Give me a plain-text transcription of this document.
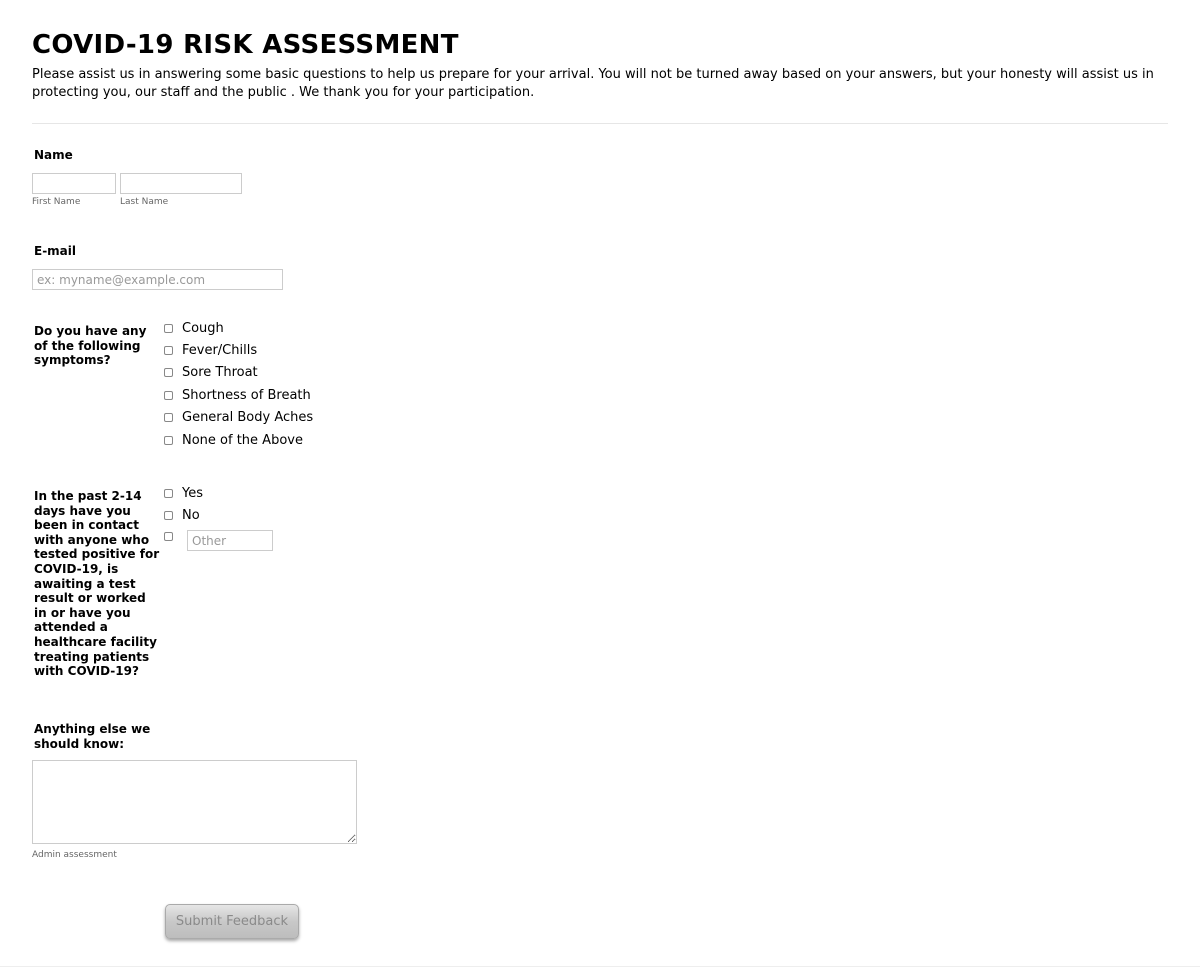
COVID-19 RISK ASSESSMENT
Please assist us in answering some basic questions to help us prepare for your arrival. You will not be turned away based on your answers, but your honesty will assist us in protecting you, our staff and the public . We thank you for your participation.
Name
First Name	Last Name
E-mail
ex: myname@example.com
Do you have any of the following symptoms?
Cough
Fever/Chills
Sore Throat
Shortness of Breath
General Body Aches
None of the Above
In the past 2-14 days have you been in contact with anyone who tested positive for COVID-19, is awaiting a test result or worked in or have you attended a healthcare facility treating patients with COVID-19?
Yes
No
Other
Anything else we should know:
Admin assessment
Submit Feedback
